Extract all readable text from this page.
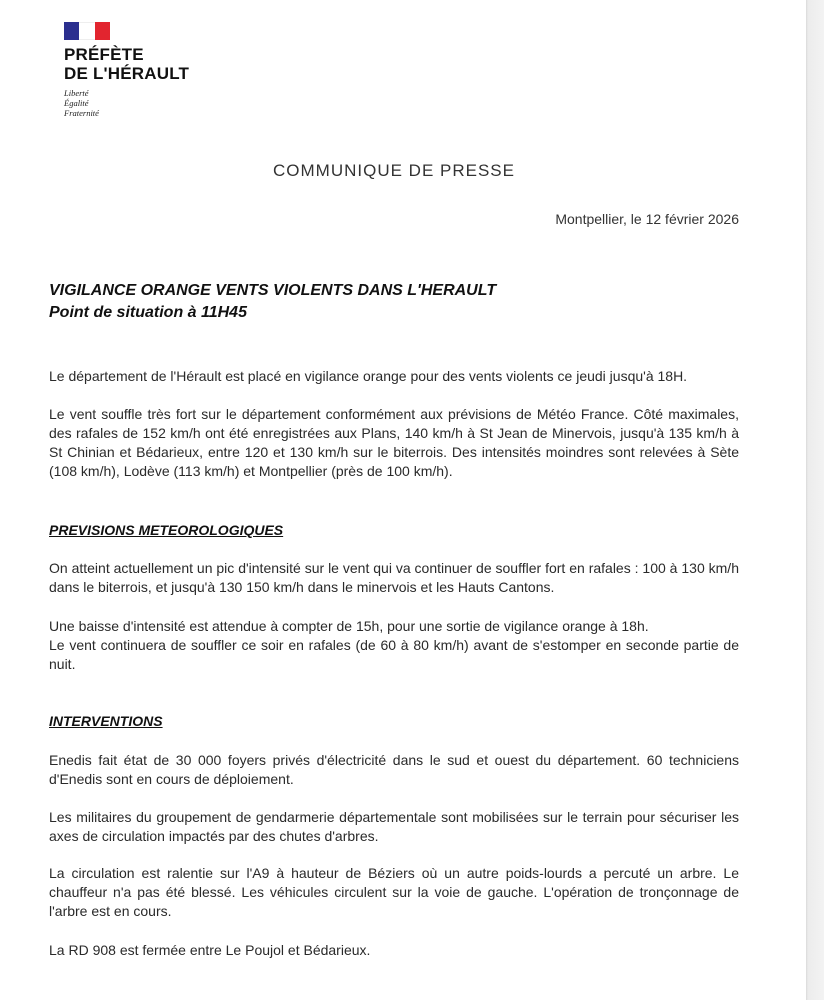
PRÉFÈTE
DE L'HÉRAULT
Liberté
Égalité
Fraternité
COMMUNIQUE DE PRESSE
Montpellier, le 12 février 2026
VIGILANCE ORANGE VENTS VIOLENTS DANS L'HERAULT
Point de situation à 11H45
Le département de l'Hérault est placé en vigilance orange pour des vents violents ce jeudi jusqu'à 18H.
Le vent souffle très fort sur le département conformément aux prévisions de Météo France. Côté maximales, des rafales de 152 km/h ont été enregistrées aux Plans, 140 km/h à St Jean de Minervois, jusqu'à 135 km/h à St Chinian et Bédarieux, entre 120 et 130 km/h sur le biterrois. Des intensités moindres sont relevées à Sète (108 km/h), Lodève (113 km/h) et Montpellier (près de 100 km/h).
PREVISIONS METEOROLOGIQUES
On atteint actuellement un pic d'intensité sur le vent qui va continuer de souffler fort en rafales : 100 à 130 km/h dans le biterrois, et jusqu'à 130 150 km/h dans le minervois et les Hauts Cantons.
Une baisse d'intensité est attendue à compter de 15h, pour une sortie de vigilance orange à 18h.
Le vent continuera de souffler ce soir en rafales (de 60 à 80 km/h) avant de s'estomper en seconde partie de nuit.
INTERVENTIONS
Enedis fait état de 30 000 foyers privés d'électricité dans le sud et ouest du département. 60 techniciens d'Enedis sont en cours de déploiement.
Les militaires du groupement de gendarmerie départementale sont mobilisées sur le terrain pour sécuriser les axes de circulation impactés par des chutes d'arbres.
La circulation est ralentie sur l'A9 à hauteur de Béziers où un autre poids-lourds a percuté un arbre. Le chauffeur n'a pas été blessé. Les véhicules circulent sur la voie de gauche. L'opération de tronçonnage de l'arbre est en cours.
La RD 908 est fermée entre Le Poujol et Bédarieux.
